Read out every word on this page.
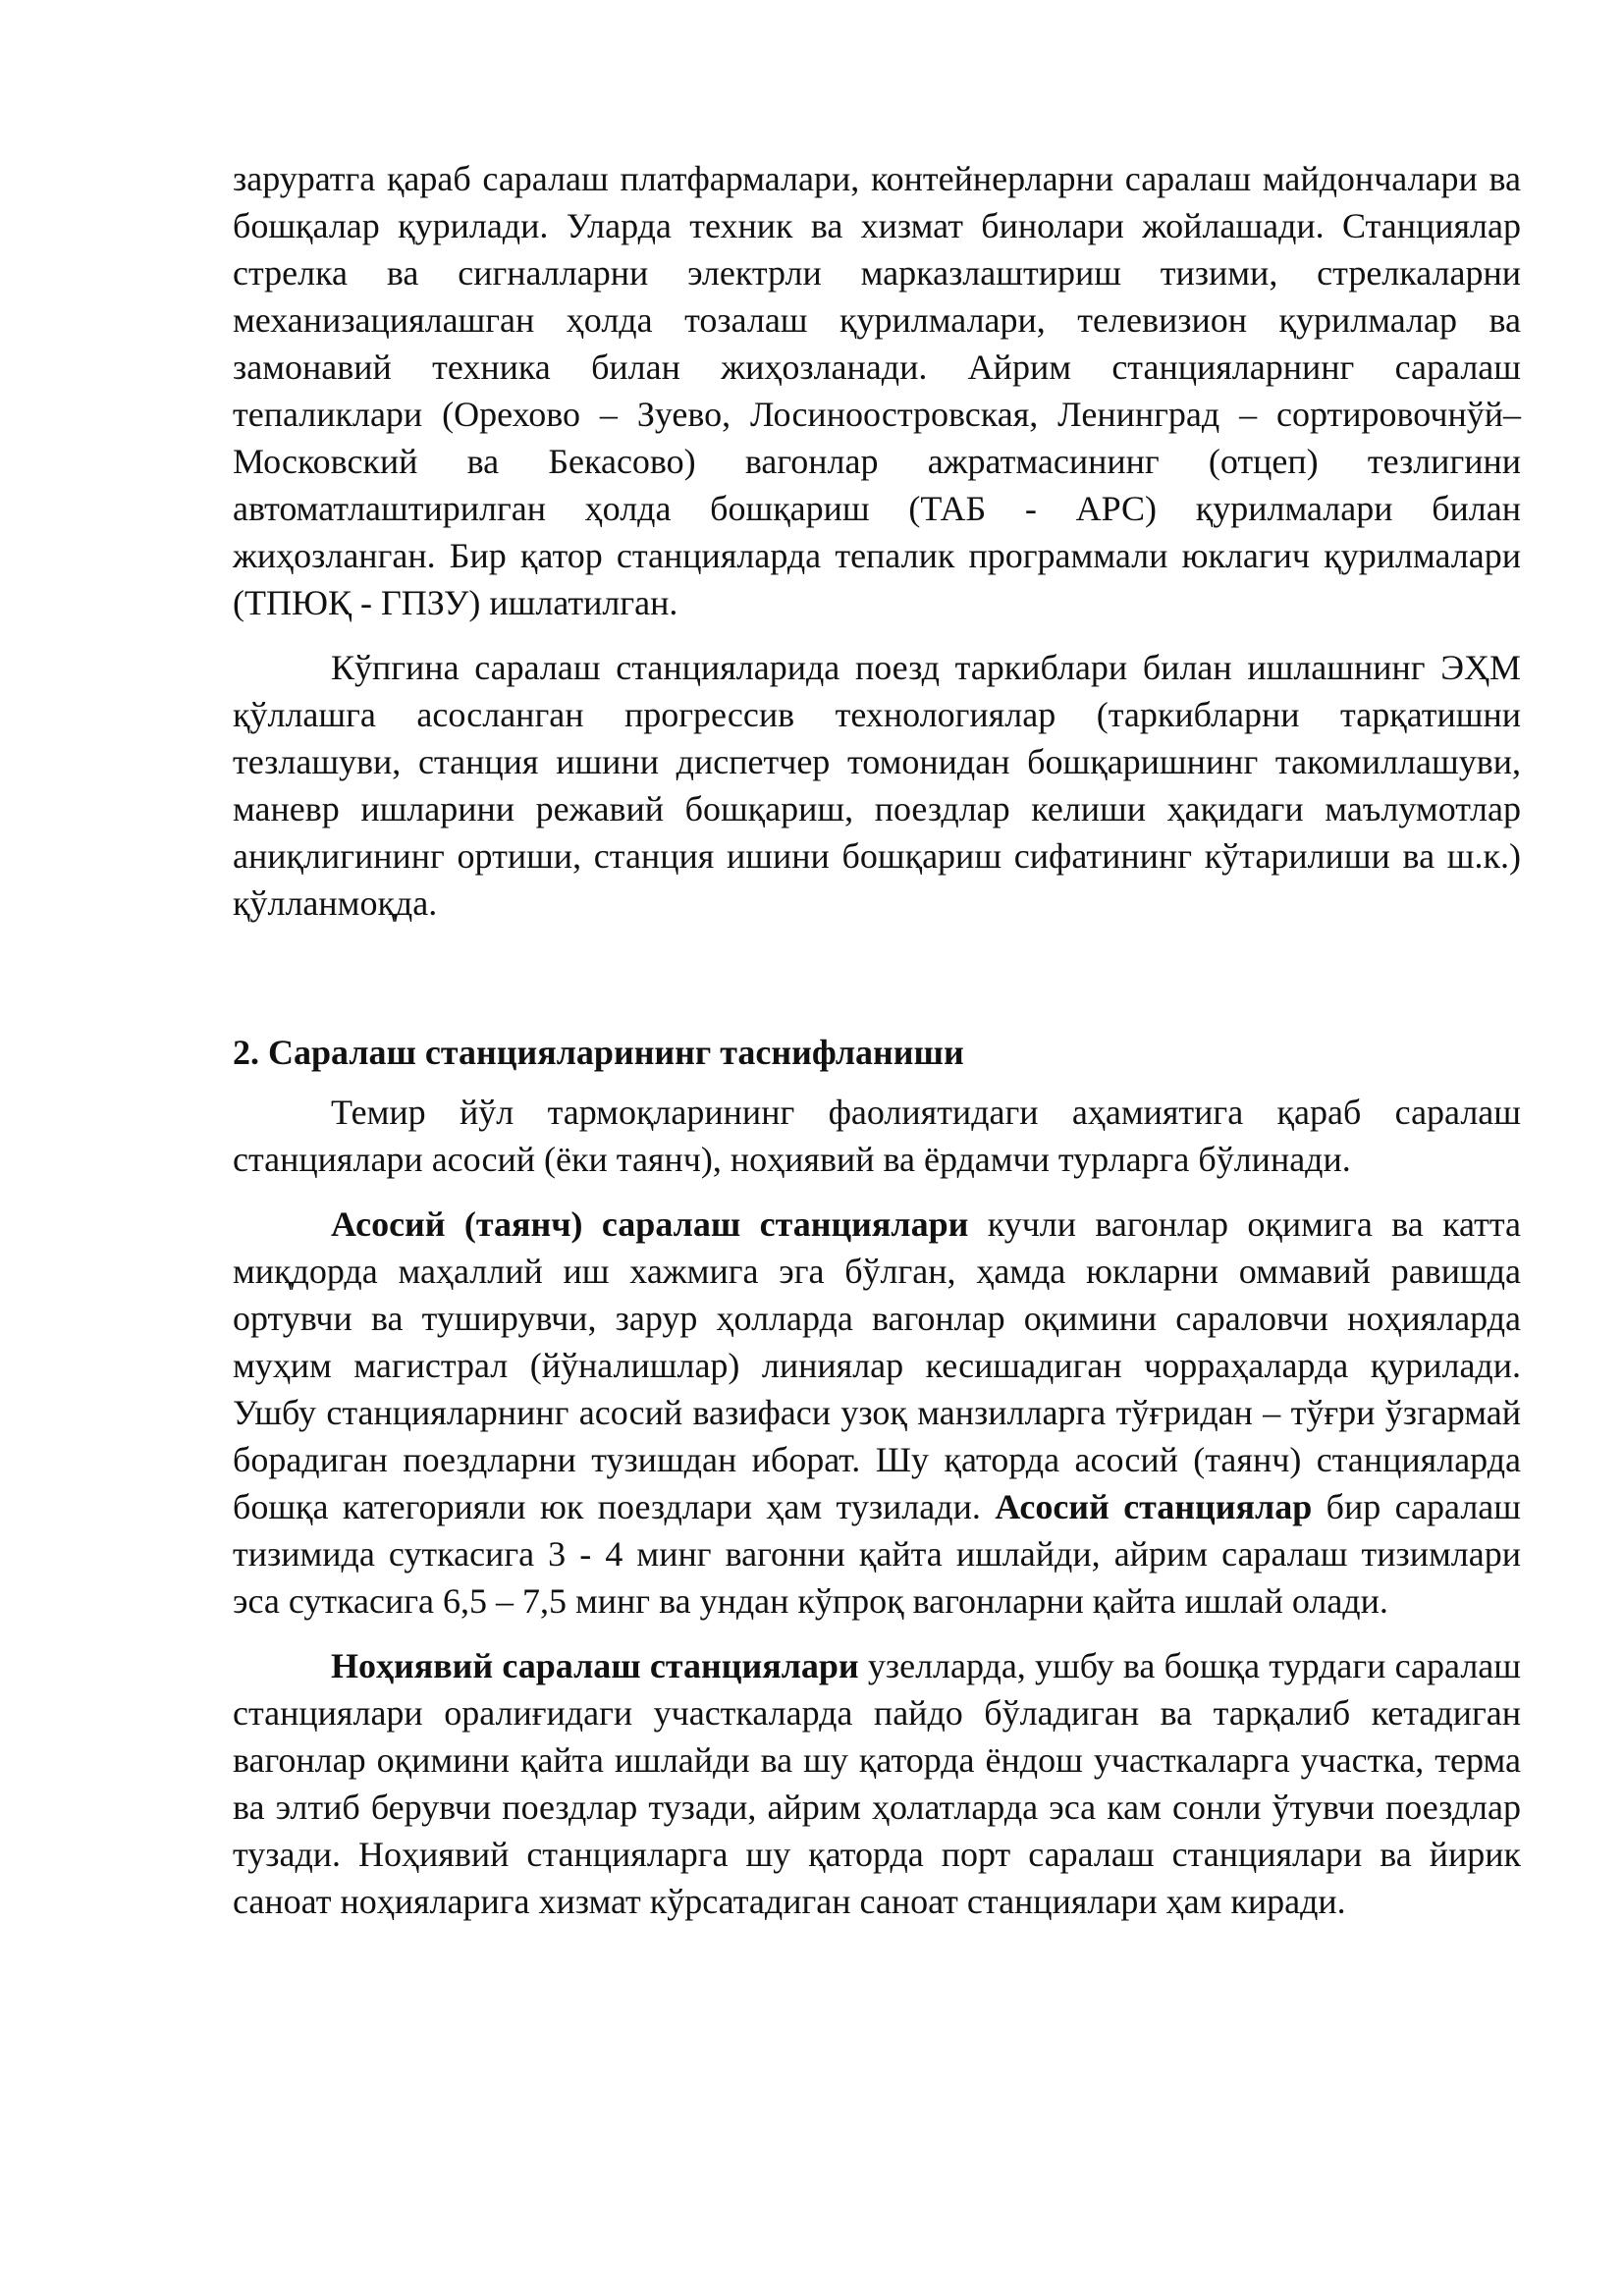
заруратга қараб саралаш платфармалари, контейнерларни саралаш майдончалари ва бошқалар қурилади. Уларда техник ва хизмат бинолари жойлашади. Станциялар стрелка ва сигналларни электрли марказлаштириш тизими, стрелкаларни механизациялашган ҳолда тозалаш қурилмалари, телевизион қурилмалар ва замонавий техника билан жиҳозланади. Айрим станцияларнинг саралаш тепаликлари (Орехово – Зуево, Лосиноостровская, Ленинград – сортировочнўй–Московский ва Бекасово) вагонлар ажратмасининг (отцеп) тезлигини автоматлаштирилган ҳолда бошқариш (ТАБ - АРС) қурилмалари билан жиҳозланган. Бир қатор станцияларда тепалик программали юклагич қурилмалари (ТПЮҚ - ГПЗУ) ишлатилган.

Кўпгина саралаш станцияларида поезд таркиблари билан ишлашнинг ЭҲМ қўллашга асосланган прогрессив технологиялар (таркибларни тарқатишни тезлашуви, станция ишини диспетчер томонидан бошқаришнинг такомиллашуви, маневр ишларини режавий бошқариш, поездлар келиши ҳақидаги маълумотлар аниқлигининг ортиши, станция ишини бошқариш сифатининг кўтарилиши ва ш.к.) қўлланмоқда.

2. Саралаш станцияларининг таснифланиши

Темир йўл тармоқларининг фаолиятидаги аҳамиятига қараб саралаш станциялари асосий (ёки таянч), ноҳиявий ва ёрдамчи турларга бўлинади.

Асосий (таянч) саралаш станциялари кучли вагонлар оқимига ва катта миқдорда маҳаллий иш хажмига эга бўлган, ҳамда юкларни оммавий равишда ортувчи ва туширувчи, зарур ҳолларда вагонлар оқимини сараловчи ноҳияларда муҳим магистрал (йўналишлар) линиялар кесишадиган чорраҳаларда қурилади. Ушбу станцияларнинг асосий вазифаси узоқ манзилларга тўғридан – тўғри ўзгармай борадиган поездларни тузишдан иборат. Шу қаторда асосий (таянч) станцияларда бошқа категорияли юк поездлари ҳам тузилади. Асосий станциялар бир саралаш тизимида суткасига 3 - 4 минг вагонни қайта ишлайди, айрим саралаш тизимлари эса суткасига 6,5 – 7,5 минг ва ундан кўпроқ вагонларни қайта ишлай олади.

Ноҳиявий саралаш станциялари узелларда, ушбу ва бошқа турдаги саралаш станциялари оралиғидаги участкаларда пайдо бўладиган ва тарқалиб кетадиган вагонлар оқимини қайта ишлайди ва шу қаторда ёндош участкаларга участка, терма ва элтиб берувчи поездлар тузади, айрим ҳолатларда эса кам сонли ўтувчи поездлар тузади. Ноҳиявий станцияларга шу қаторда порт саралаш станциялари ва йирик саноат ноҳияларига хизмат кўрсатадиган саноат станциялари ҳам киради.
